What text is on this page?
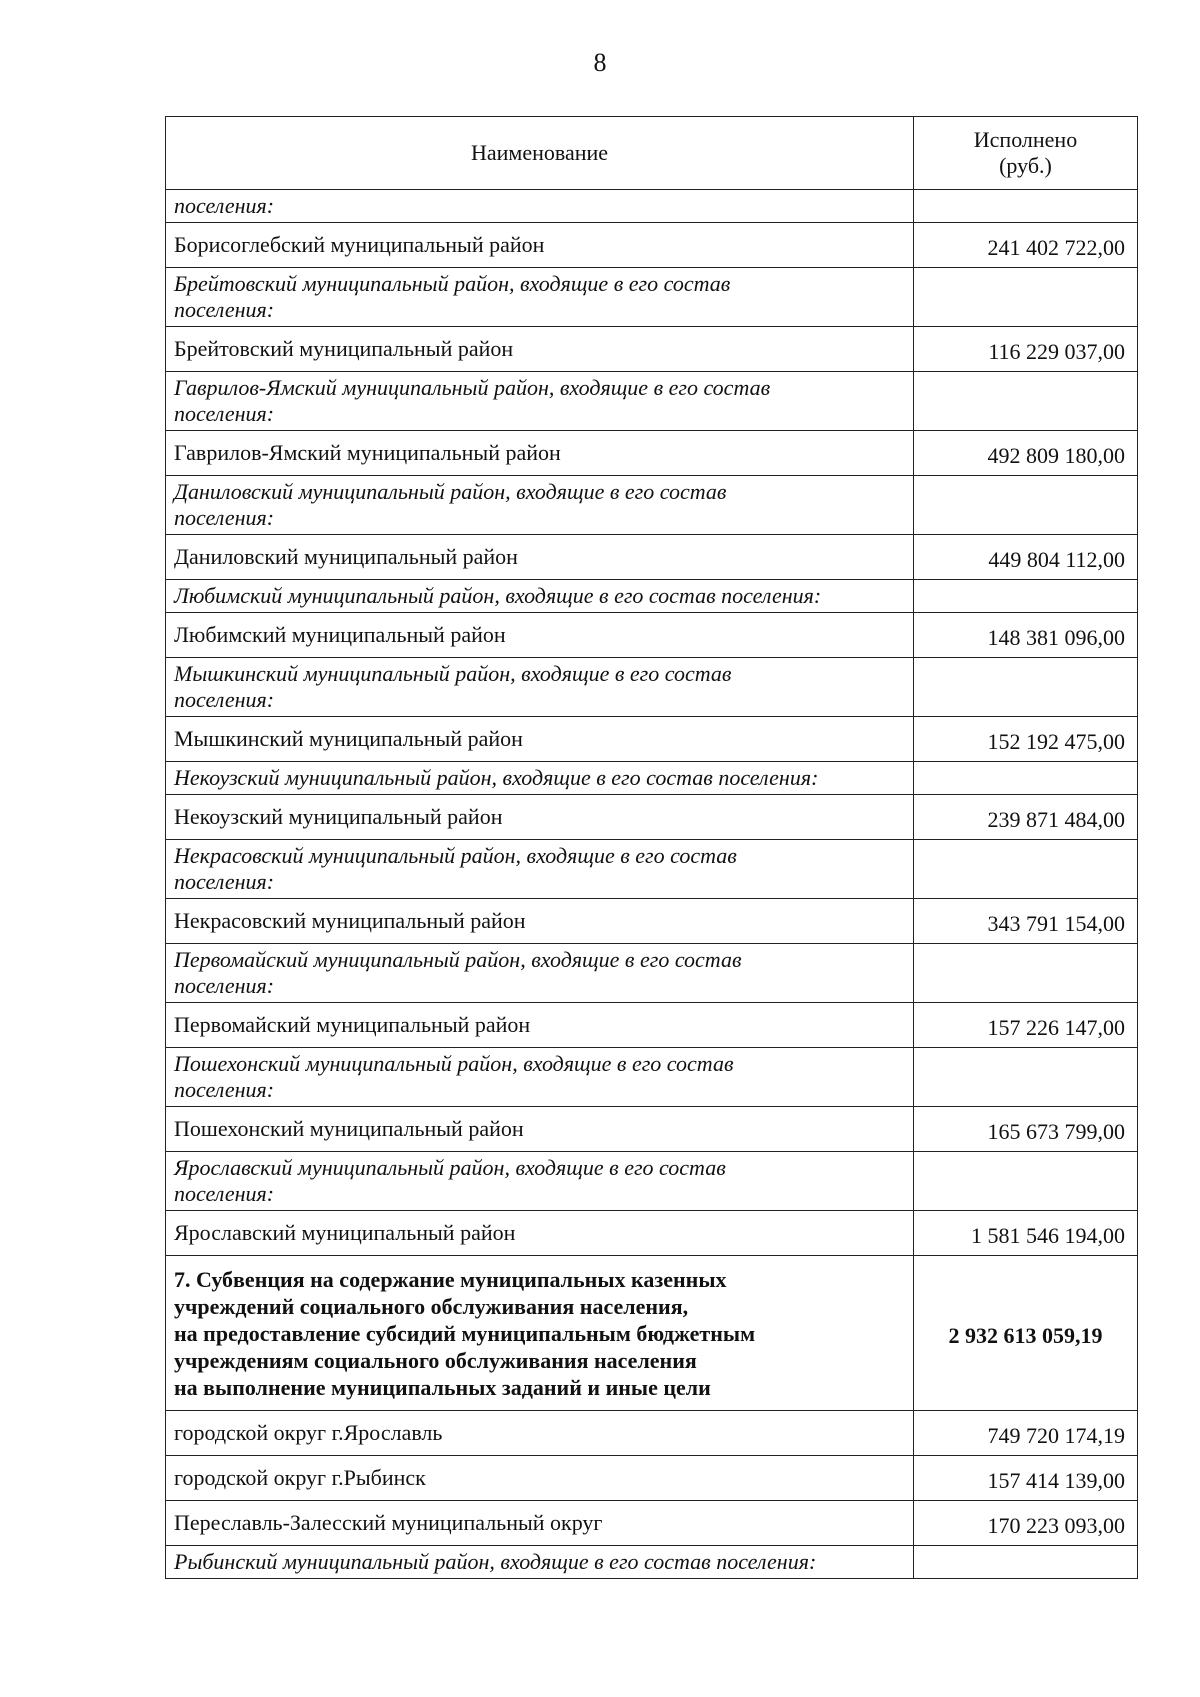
8
Наименование	Исполнено
(руб.)

поселения:	
Борисоглебский муниципальный район	241 402 722,00

Брейтовский муниципальный район, входящие в его состав
поселения:	

Брейтовский муниципальный район	116 229 037,00

Гаврилов-Ямский муниципальный район, входящие в его состав
поселения:	

Гаврилов-Ямский муниципальный район	492 809 180,00

Даниловский муниципальный район, входящие в его состав
поселения:	

Даниловский муниципальный район	449 804 112,00
Любимский муниципальный район, входящие в его состав поселения:	
Любимский муниципальный район	148 381 096,00

Мышкинский муниципальный район, входящие в его состав
поселения:	

Мышкинский муниципальный район	152 192 475,00
Некоузский муниципальный район, входящие в его состав поселения:	
Некоузский муниципальный район	239 871 484,00

Некрасовский муниципальный район, входящие в его состав
поселения:	

Некрасовский муниципальный район	343 791 154,00

Первомайский муниципальный район, входящие в его состав
поселения:	

Первомайский муниципальный район	157 226 147,00

Пошехонский муниципальный район, входящие в его состав
поселения:	

Пошехонский муниципальный район	165 673 799,00

Ярославский муниципальный район, входящие в его состав
поселения:	

Ярославский муниципальный район	1 581 546 194,00

7. Субвенция на содержание муниципальных казенных
учреждений социального обслуживания населения,
на предоставление субсидий муниципальным бюджетным
учреждениям социального обслуживания населения
на выполнение муниципальных заданий и иные цели	2 932 613 059,19
городской округ г.Ярославль	749 720 174,19
городской округ г.Рыбинск	157 414 139,00
Переславль-Залесский муниципальный округ	170 223 093,00
Рыбинский муниципальный район, входящие в его состав поселения:	
